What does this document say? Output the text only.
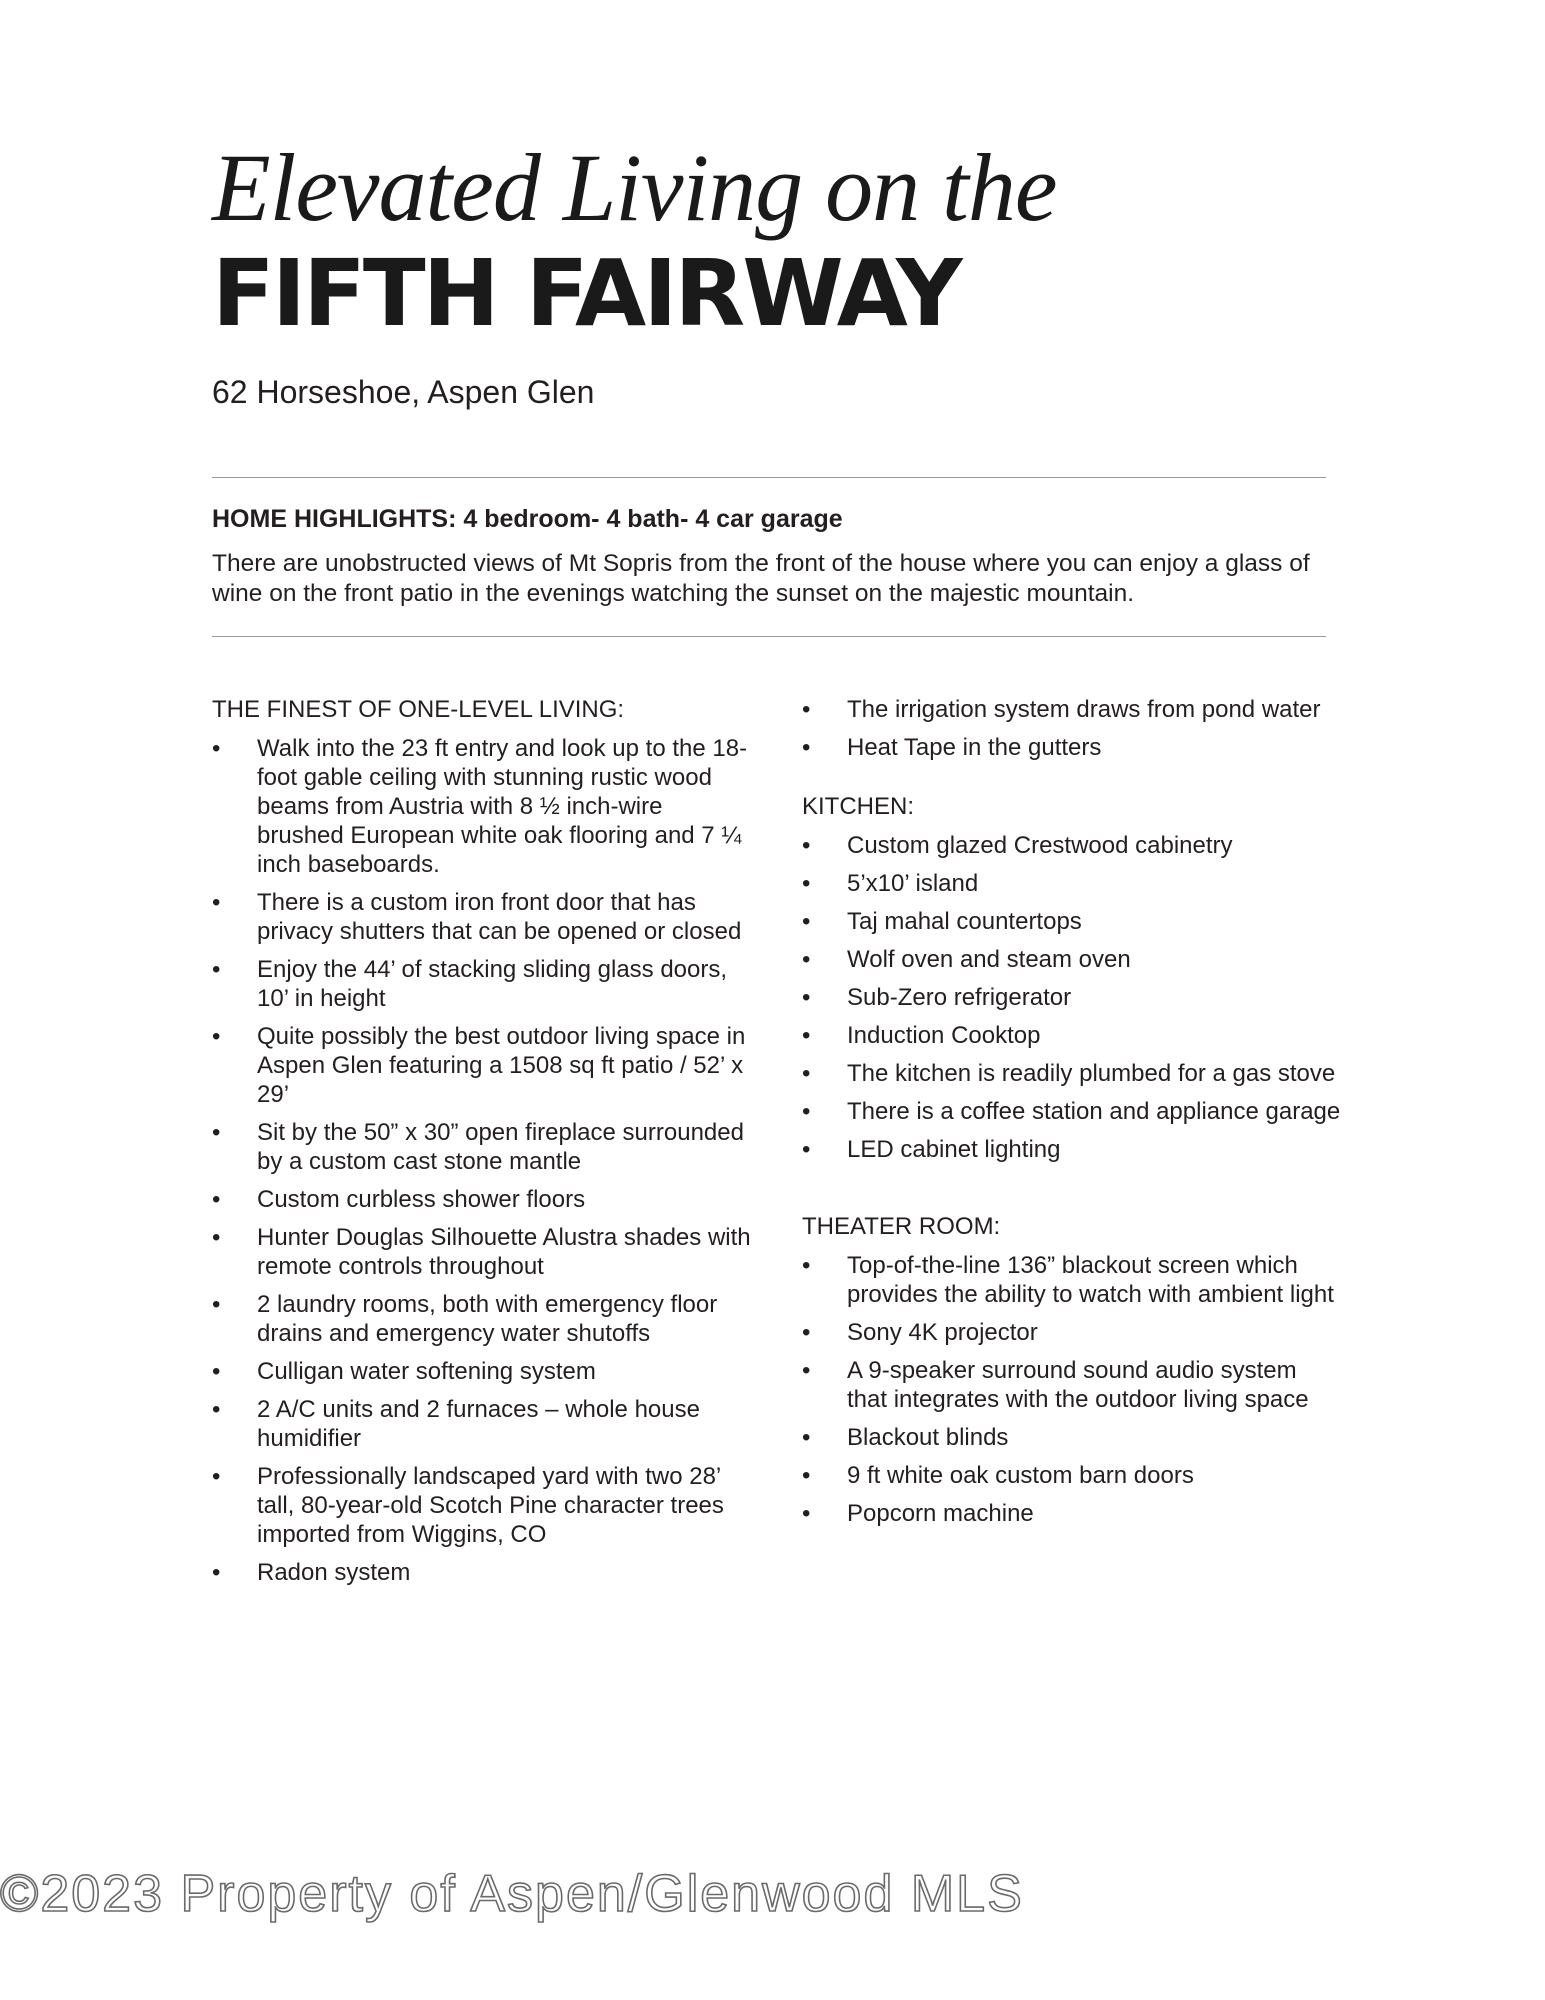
Elevated Living on the
FIFTH FAIRWAY
62 Horseshoe, Aspen Glen
HOME HIGHLIGHTS: 4 bedroom- 4 bath- 4 car garage

There are unobstructed views of Mt Sopris from the front of the house where you can enjoy a glass of wine on the front patio in the evenings watching the sunset on the majestic mountain.

THE FINEST OF ONE-LEVEL LIVING:
•	Walk into the 23 ft entry and look up to the 18-foot gable ceiling with stunning rustic wood beams from Austria with 8 ½ inch-wire brushed European white oak flooring and 7 ¼ inch baseboards.
•	There is a custom iron front door that has privacy shutters that can be opened or closed
•	Enjoy the 44’ of stacking sliding glass doors, 10’ in height
•	Quite possibly the best outdoor living space in Aspen Glen featuring a 1508 sq ft patio / 52’ x 29’
•	Sit by the 50” x 30” open fireplace surrounded by a custom cast stone mantle
•	Custom curbless shower floors
•	Hunter Douglas Silhouette Alustra shades with remote controls throughout
•	2 laundry rooms, both with emergency floor drains and emergency water shutoffs
•	Culligan water softening system
•	2 A/C units and 2 furnaces – whole house humidifier
•	Professionally landscaped yard with two 28’ tall, 80-year-old Scotch Pine character trees imported from Wiggins, CO
•	Radon system
•	The irrigation system draws from pond water
•	Heat Tape in the gutters
KITCHEN:
•	Custom glazed Crestwood cabinetry
•	5’x10’ island
•	Taj mahal countertops
•	Wolf oven and steam oven
•	Sub-Zero refrigerator
•	Induction Cooktop
•	The kitchen is readily plumbed for a gas stove
•	There is a coffee station and appliance garage
•	LED cabinet lighting
THEATER ROOM:
•	Top-of-the-line 136” blackout screen which provides the ability to watch with ambient light
•	Sony 4K projector
•	A 9-speaker surround sound audio system that integrates with the outdoor living space
•	Blackout blinds
•	9 ft white oak custom barn doors
•	Popcorn machine
©2023 Property of Aspen/Glenwood MLS
